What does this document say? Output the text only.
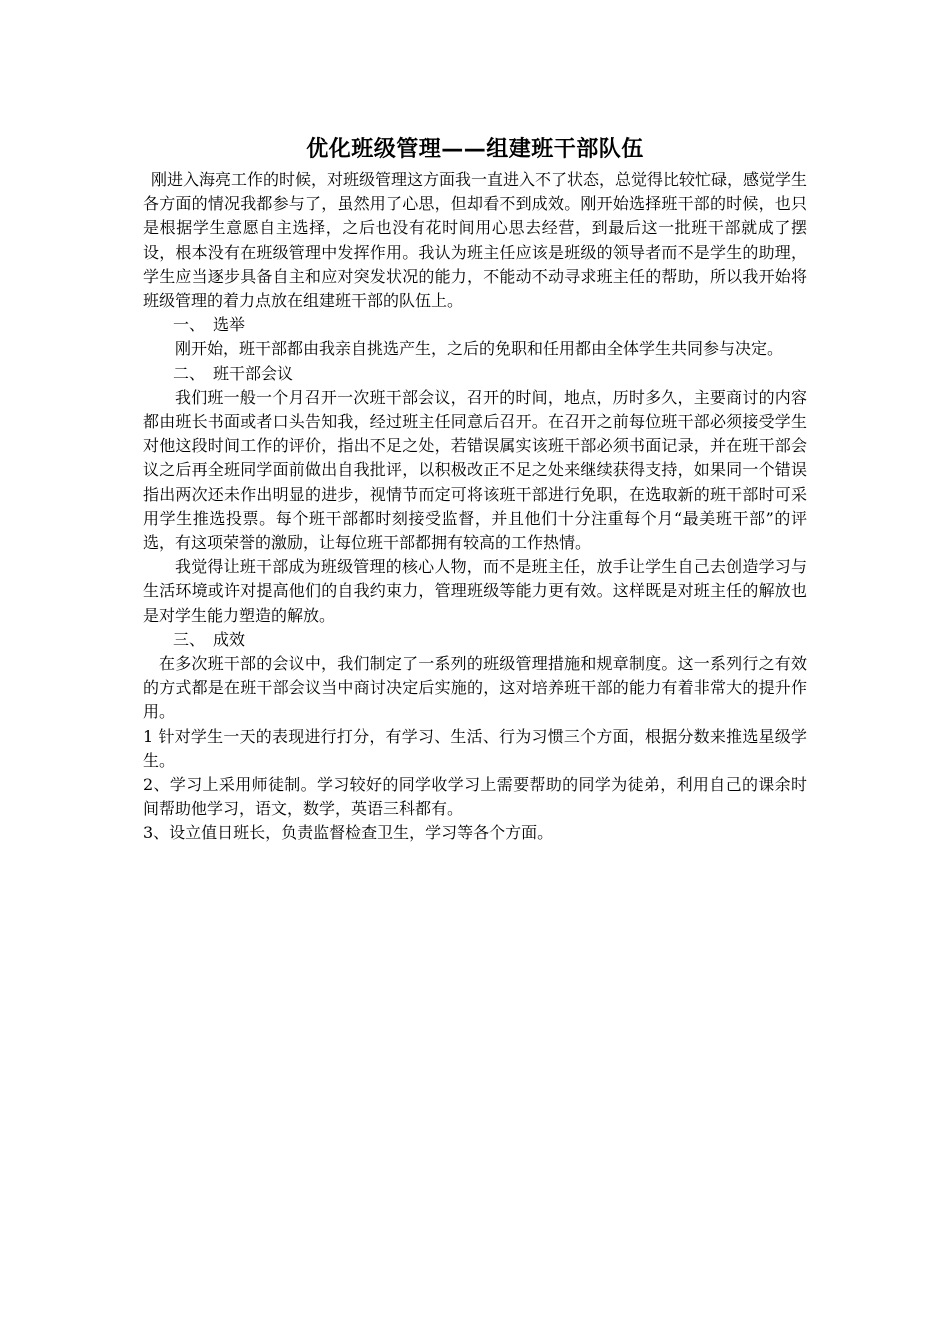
优化班级管理——组建班干部队伍

刚进入海亮工作的时候，对班级管理这方面我一直进入不了状态，总觉得比较忙碌，感觉学生各方面的情况我都参与了，虽然用了心思，但却看不到成效。刚开始选择班干部的时候，也只是根据学生意愿自主选择，之后也没有花时间用心思去经营，到最后这一批班干部就成了摆设，根本没有在班级管理中发挥作用。我认为班主任应该是班级的领导者而不是学生的助理，学生应当逐步具备自主和应对突发状况的能力，不能动不动寻求班主任的帮助，所以我开始将班级管理的着力点放在组建班干部的队伍上。

一、 选举

刚开始，班干部都由我亲自挑选产生，之后的免职和任用都由全体学生共同参与决定。

二、 班干部会议

我们班一般一个月召开一次班干部会议，召开的时间，地点，历时多久，主要商讨的内容都由班长书面或者口头告知我，经过班主任同意后召开。在召开之前每位班干部必须接受学生对他这段时间工作的评价，指出不足之处，若错误属实该班干部必须书面记录，并在班干部会议之后再全班同学面前做出自我批评，以积极改正不足之处来继续获得支持，如果同一个错误指出两次还未作出明显的进步，视情节而定可将该班干部进行免职，在选取新的班干部时可采用学生推选投票。每个班干部都时刻接受监督，并且他们十分注重每个月“最美班干部”的评选，有这项荣誉的激励，让每位班干部都拥有较高的工作热情。

我觉得让班干部成为班级管理的核心人物，而不是班主任，放手让学生自己去创造学习与生活环境或许对提高他们的自我约束力，管理班级等能力更有效。这样既是对班主任的解放也是对学生能力塑造的解放。

三、 成效

在多次班干部的会议中，我们制定了一系列的班级管理措施和规章制度。这一系列行之有效的方式都是在班干部会议当中商讨决定后实施的，这对培养班干部的能力有着非常大的提升作用。

1 针对学生一天的表现进行打分，有学习、生活、行为习惯三个方面，根据分数来推选星级学生。

2、学习上采用师徒制。学习较好的同学收学习上需要帮助的同学为徒弟，利用自己的课余时间帮助他学习，语文，数学，英语三科都有。

3、设立值日班长，负责监督检查卫生，学习等各个方面。
